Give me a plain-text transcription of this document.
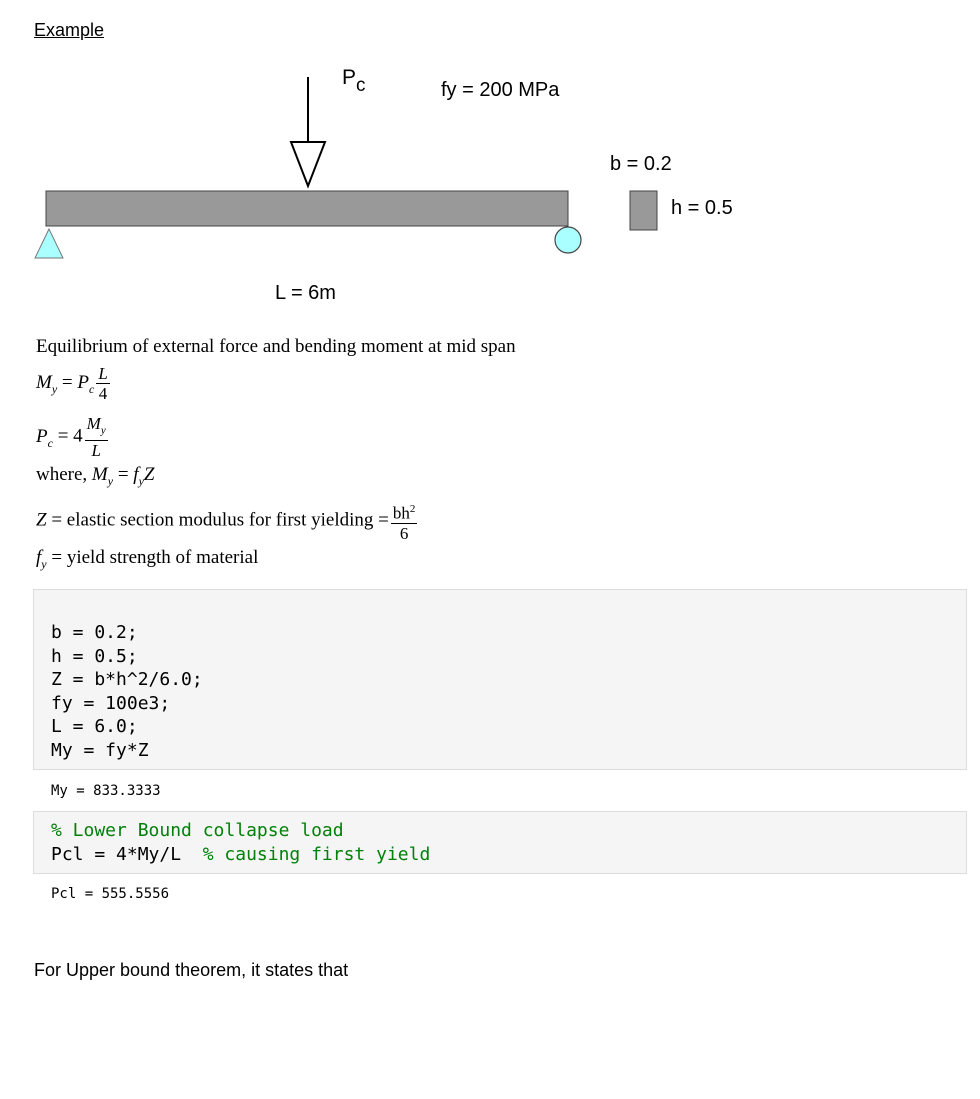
Example
Pc	fy = 200 MPa
b = 0.2
h = 0.5
L = 6m
Equilibrium of external force and bending moment at mid span
$M_y = P_c \frac{L}{4}$
$P_c = 4 \frac{M_y}{L}$
where, $M_y = f_yZ$
Z = elastic section modulus for first yielding = $\frac{bh^2}{6}$
$f_y$ = yield strength of material
b = 0.2;
h = 0.5;
Z = b*h^2/6.0;
fy = 100e3;
L = 6.0;
My = fy*Z
My = 833.3333
% Lower Bound collapse load
Pcl = 4*My/L  % causing first yield
Pcl = 555.5556
For Upper bound theorem, it states that
